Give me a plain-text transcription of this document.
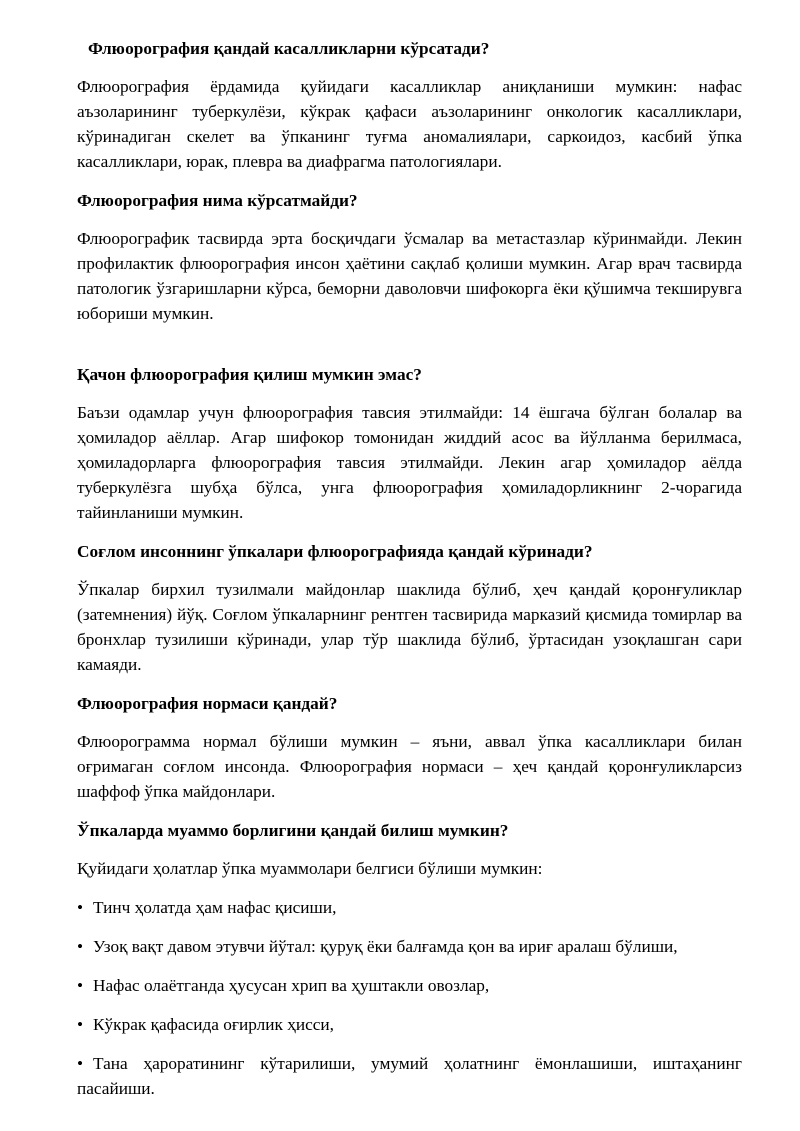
Флюорография қандай касалликларни кўрсатади?

Флюорография ёрдамида қуйидаги касалликлар аниқланиши мумкин: нафас аъзоларининг туберкулёзи, кўкрак қафаси аъзоларининг онкологик касалликлари, кўринадиган скелет ва ўпканинг туғма аномалиялари, саркоидоз, касбий ўпка касалликлари, юрак, плевра ва диафрагма патологиялари.

Флюорография нима кўрсатмайди?

Флюорографик тасвирда эрта босқичдаги ўсмалар ва метастазлар кўринмайди. Лекин профилактик флюорография инсон ҳаётини сақлаб қолиши мумкин. Агар врач тасвирда патологик ўзгаришларни кўрса, беморни даволовчи шифокорга ёки қўшимча текширувга юбориши мумкин.

Қачон флюорография қилиш мумкин эмас?

Баъзи одамлар учун флюорография тавсия этилмайди: 14 ёшгача бўлган болалар ва ҳомиладор аёллар. Агар шифокор томонидан жиддий асос ва йўлланма берилмаса, ҳомиладорларга флюорография тавсия этилмайди. Лекин агар ҳомиладор аёлда туберкулёзга шубҳа бўлса, унга флюорография ҳомиладорликнинг 2-чорагида тайинланиши мумкин.

Соғлом инсоннинг ўпкалари флюорографияда қандай кўринади?

Ўпкалар бирхил тузилмали майдонлар шаклида бўлиб, ҳеч қандай қоронғуликлар (затемнения) йўқ. Соғлом ўпкаларнинг рентген тасвирида марказий қисмида томирлар ва бронхлар тузилиши кўринади, улар тўр шаклида бўлиб, ўртасидан узоқлашган сари камаяди.

Флюорография нормаси қандай?

Флюорограмма нормал бўлиши мумкин – яъни, аввал ўпка касалликлари билан оғримаган соғлом инсонда. Флюорография нормаси – ҳеч қандай қоронғуликларсиз шаффоф ўпка майдонлари.

Ўпкаларда муаммо борлигини қандай билиш мумкин?

Қуйидаги ҳолатлар ўпка муаммолари белгиси бўлиши мумкин:

• Тинч ҳолатда ҳам нафас қисиши,
• Узоқ вақт давом этувчи йўтал: қуруқ ёки балғамда қон ва ириғ аралаш бўлиши,
• Нафас олаётганда ҳусусан хрип ва ҳуштакли овозлар,
• Кўкрак қафасида оғирлик ҳисси,
• Тана ҳароратининг кўтарилиши, умумий ҳолатнинг ёмонлашиши, иштаҳанинг пасайиши.
